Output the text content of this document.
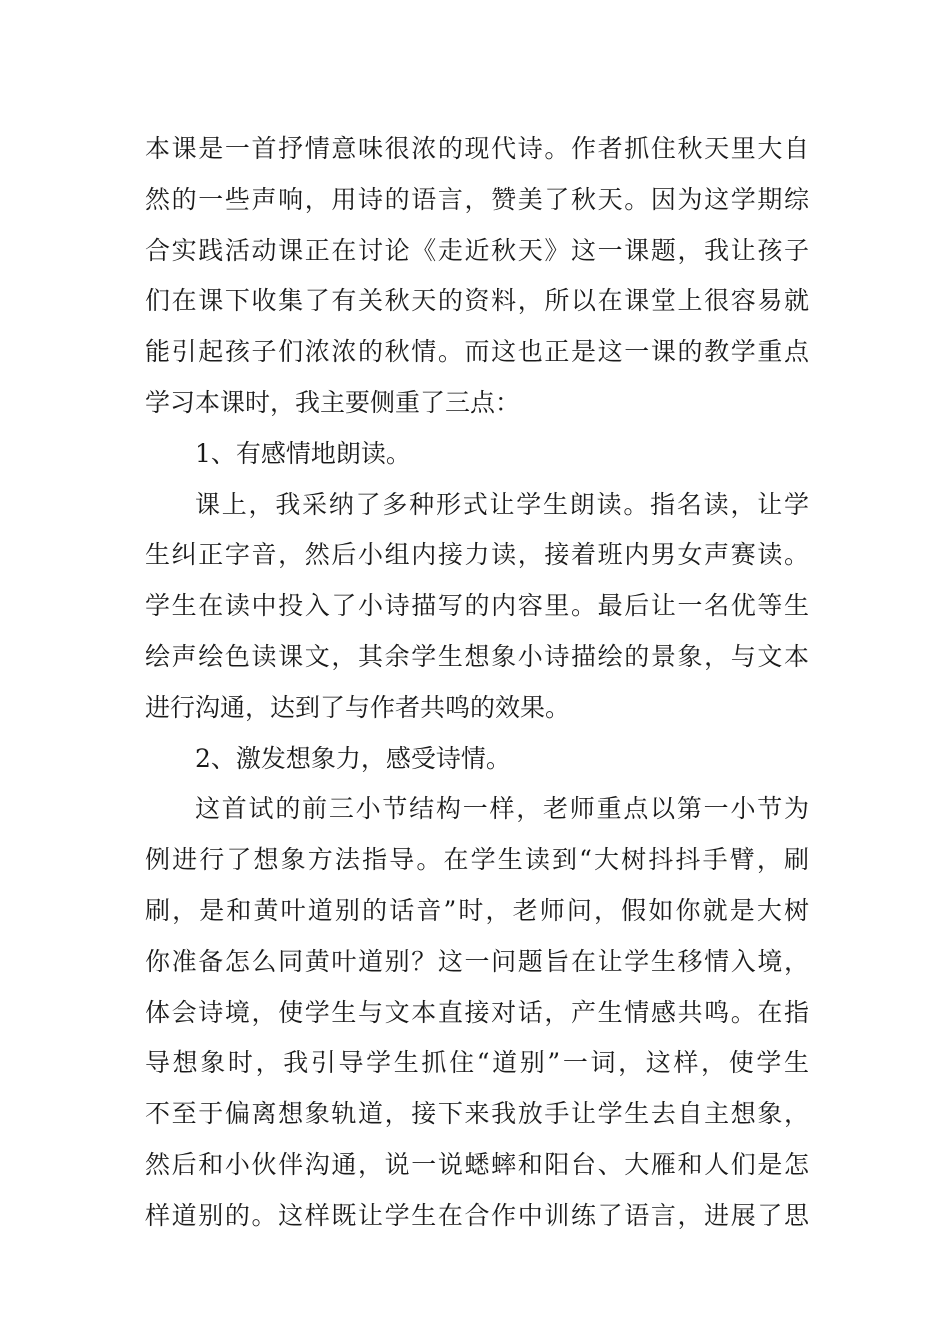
本课是一首抒情意味很浓的现代诗。作者抓住秋天里大自
然的一些声响，用诗的语言，赞美了秋天。因为这学期综
合实践活动课正在讨论《走近秋天》这一课题，我让孩子
们在课下收集了有关秋天的资料，所以在课堂上很容易就
能引起孩子们浓浓的秋情。而这也正是这一课的教学重点
学习本课时，我主要侧重了三点：
1、有感情地朗读。
课上，我采纳了多种形式让学生朗读。指名读，让学
生纠正字音，然后小组内接力读，接着班内男女声赛读。
学生在读中投入了小诗描写的内容里。最后让一名优等生
绘声绘色读课文，其余学生想象小诗描绘的景象，与文本
进行沟通，达到了与作者共鸣的效果。
2、激发想象力，感受诗情。
这首试的前三小节结构一样，老师重点以第一小节为
例进行了想象方法指导。在学生读到“大树抖抖手臂，刷
刷，是和黄叶道别的话音”时，老师问，假如你就是大树
你准备怎么同黄叶道别？这一问题旨在让学生移情入境，
体会诗境，使学生与文本直接对话，产生情感共鸣。在指
导想象时，我引导学生抓住“道别”一词，这样，使学生
不至于偏离想象轨道，接下来我放手让学生去自主想象，
然后和小伙伴沟通，说一说蟋蟀和阳台、大雁和人们是怎
样道别的。这样既让学生在合作中训练了语言，进展了思
